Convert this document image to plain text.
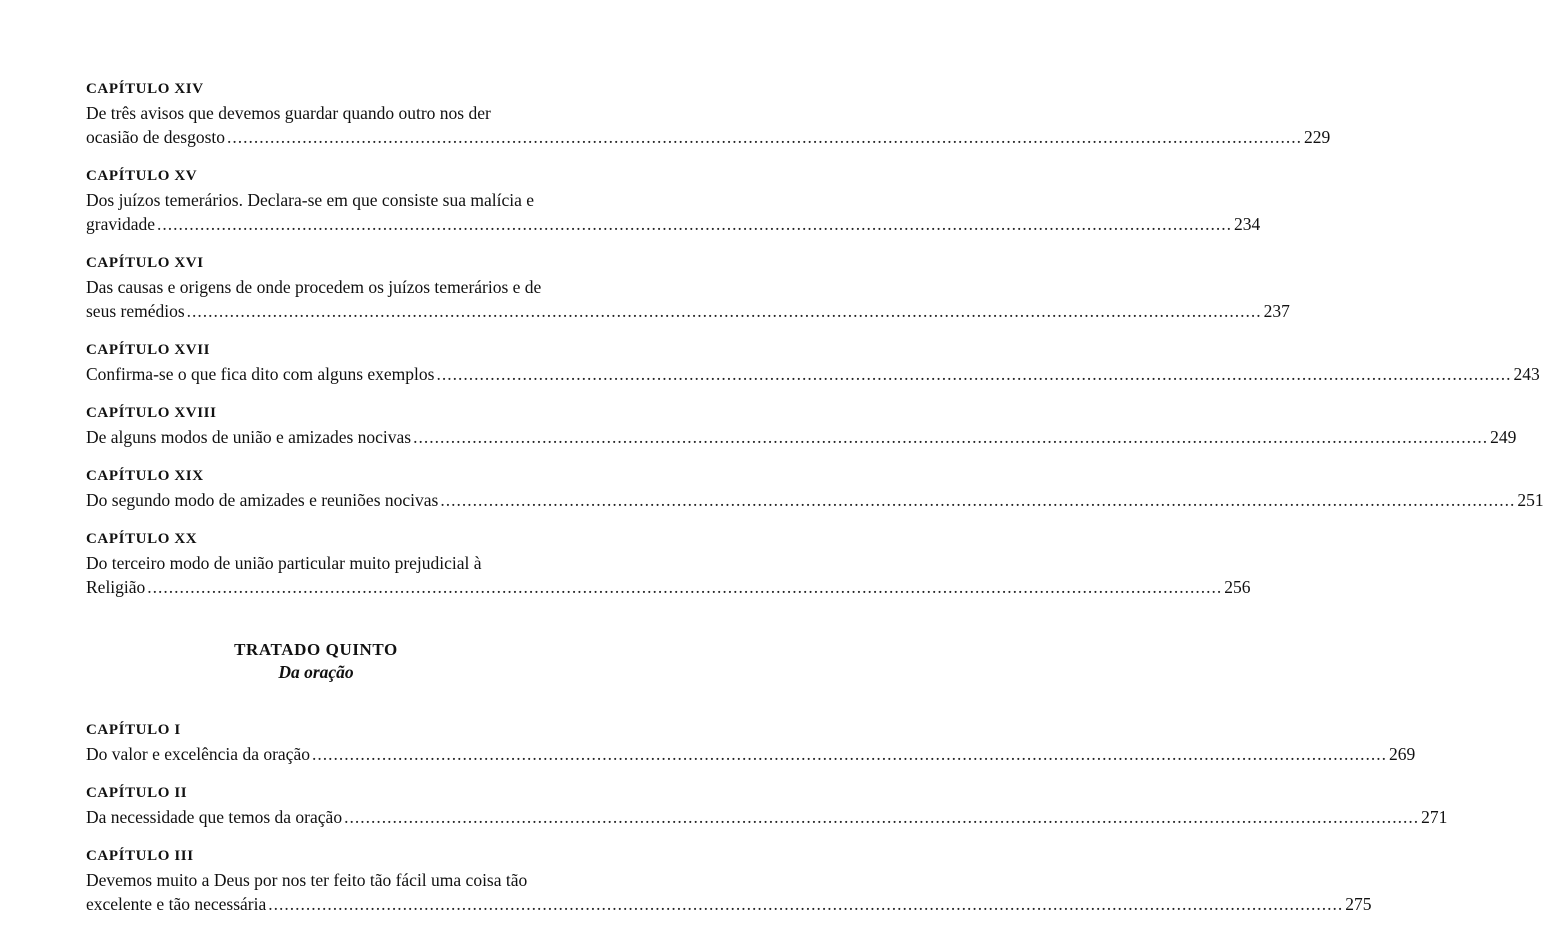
CAPÍTULO XIV
De três avisos que devemos guardar quando outro nos der
ocasião de desgosto ........................................................................................................................................................................................................ 229
CAPÍTULO XV
Dos juízos temerários. Declara-se em que consiste sua malícia e
gravidade ........................................................................................................................................................................................................ 234
CAPÍTULO XVI
Das causas e origens de onde procedem os juízos temerários e de
seus remédios ........................................................................................................................................................................................................ 237
CAPÍTULO XVII
Confirma-se o que fica dito com alguns exemplos ........................................................................................................................................................................................................ 243
CAPÍTULO XVIII
De alguns modos de união e amizades nocivas ........................................................................................................................................................................................................ 249
CAPÍTULO XIX
Do segundo modo de amizades e reuniões nocivas ........................................................................................................................................................................................................ 251
CAPÍTULO XX
Do terceiro modo de união particular muito prejudicial à
Religião ........................................................................................................................................................................................................ 256
TRATADO QUINTO
Da oração
CAPÍTULO I
Do valor e excelência da oração ........................................................................................................................................................................................................ 269
CAPÍTULO II
Da necessidade que temos da oração ........................................................................................................................................................................................................ 271
CAPÍTULO III
Devemos muito a Deus por nos ter feito tão fácil uma coisa tão
excelente e tão necessária ........................................................................................................................................................................................................ 275
